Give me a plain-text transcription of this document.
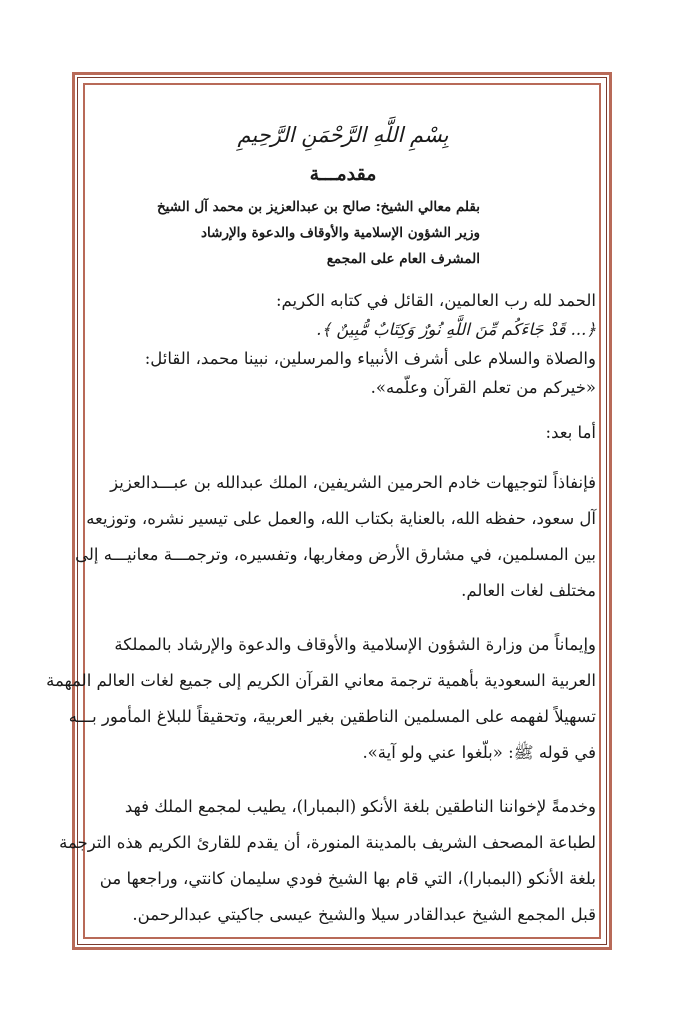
بِسْمِ اللَّهِ الرَّحْمَنِ الرَّحِيمِ
مقدمـــة
بقلم معالي الشيخ: صالح بن عبدالعزيز بن محمد آل الشيخ
وزير الشؤون الإسلامية والأوقاف والدعوة والإرشاد
المشرف العام على المجمع

الحمد لله رب العالمين، القائل في كتابه الكريم:

﴿... قَدْ جَاءَكُم مِّنَ اللَّهِ نُورٌ وَكِتَابٌ مُّبِينٌ ﴾.

والصلاة والسلام على أشرف الأنبياء والمرسلين، نبينا محمد، القائل:

«خيركم من تعلم القرآن وعلّمه».

أما بعد:

فإنفاذاً لتوجيهات خادم الحرمين الشريفين، الملك عبدالله بن عبـــدالعزيز
آل سعود، حفظه الله، بالعناية بكتاب الله، والعمل على تيسير نشره، وتوزيعه
بين المسلمين، في مشارق الأرض ومغاربها، وتفسيره، وترجمـــة معانيـــه إلى
مختلف لغات العالم.

وإيماناً من وزارة الشؤون الإسلامية والأوقاف والدعوة والإرشاد بالمملكة
العربية السعودية بأهمية ترجمة معاني القرآن الكريم إلى جميع لغات العالم المهمة
تسهيلاً لفهمه على المسلمين الناطقين بغير العربية، وتحقيقاً للبلاغ المأمور بـــه
في قوله ﷺ: «بلّغوا عني ولو آية».

وخدمةً لإخواننا الناطقين بلغة الأنكو (البمبارا)، يطيب لمجمع الملك فهد
لطباعة المصحف الشريف بالمدينة المنورة، أن يقدم للقارئ الكريم هذه الترجمة
بلغة الأنكو (البمبارا)، التي قام بها الشيخ فودي سليمان كانتي، وراجعها من
قبل المجمع الشيخ عبدالقادر سيلا والشيخ عيسى جاكيتي عبدالرحمن.
